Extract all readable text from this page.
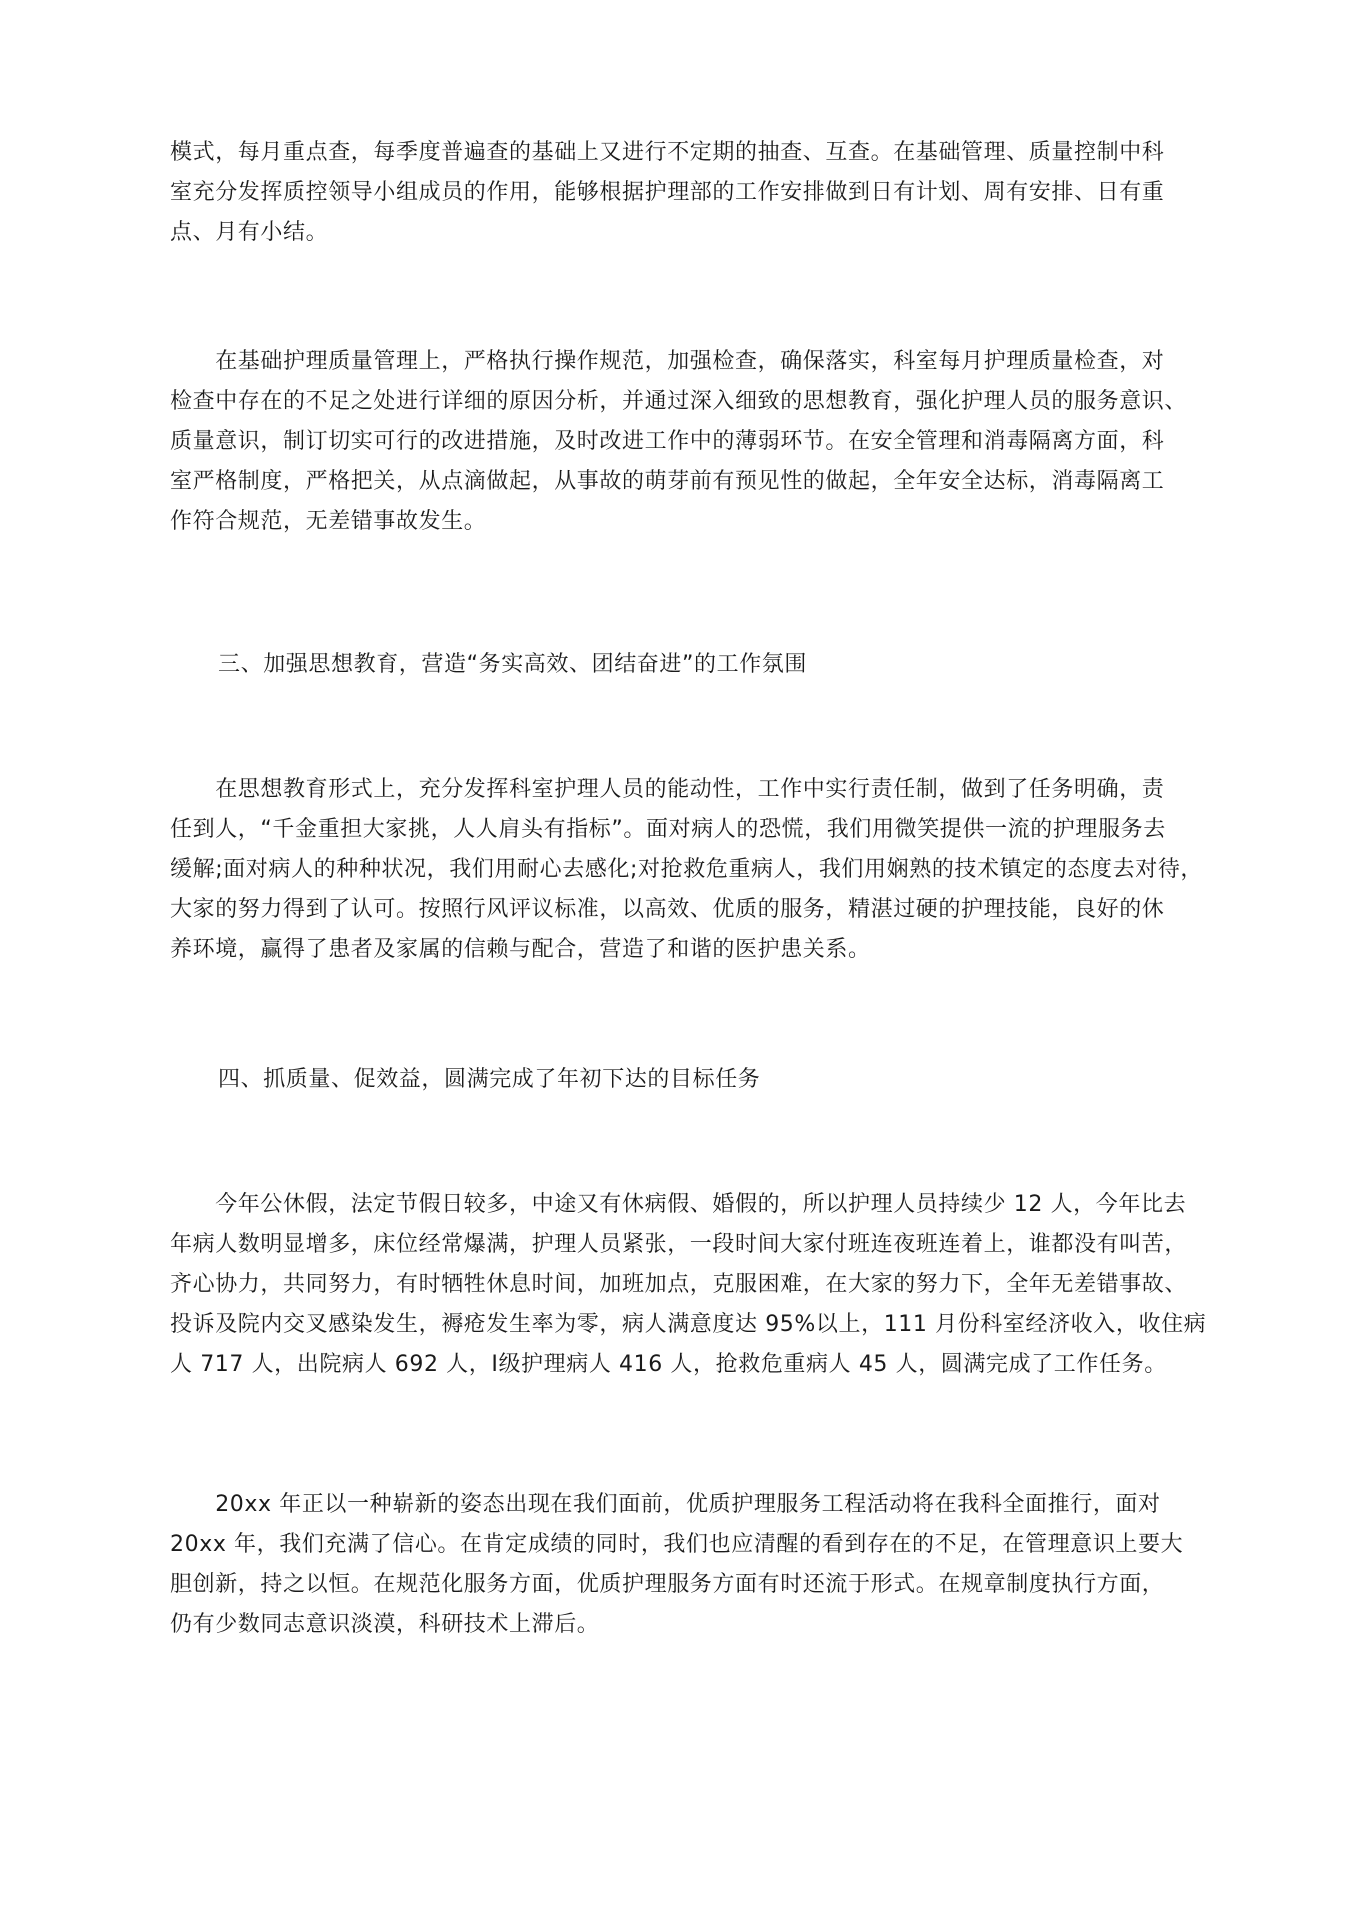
模式，每月重点查，每季度普遍查的基础上又进行不定期的抽查、互查。在基础管理、质量控制中科
室充分发挥质控领导小组成员的作用，能够根据护理部的工作安排做到日有计划、周有安排、日有重
点、月有小结。
　　在基础护理质量管理上，严格执行操作规范，加强检查，确保落实，科室每月护理质量检查，对
检查中存在的不足之处进行详细的原因分析，并通过深入细致的思想教育，强化护理人员的服务意识、
质量意识，制订切实可行的改进措施，及时改进工作中的薄弱环节。在安全管理和消毒隔离方面，科
室严格制度，严格把关，从点滴做起，从事故的萌芽前有预见性的做起，全年安全达标，消毒隔离工
作符合规范，无差错事故发生。
三、加强思想教育，营造“务实高效、团结奋进”的工作氛围
　　在思想教育形式上，充分发挥科室护理人员的能动性，工作中实行责任制，做到了任务明确，责
任到人，“千金重担大家挑，人人肩头有指标”。面对病人的恐慌，我们用微笑提供一流的护理服务去
缓解;面对病人的种种状况，我们用耐心去感化;对抢救危重病人，我们用娴熟的技术镇定的态度去对待，
大家的努力得到了认可。按照行风评议标准，以高效、优质的服务，精湛过硬的护理技能，良好的休
养环境，赢得了患者及家属的信赖与配合，营造了和谐的医护患关系。
四、抓质量、促效益，圆满完成了年初下达的目标任务
　　今年公休假，法定节假日较多，中途又有休病假、婚假的，所以护理人员持续少 12 人，今年比去
年病人数明显增多，床位经常爆满，护理人员紧张，一段时间大家付班连夜班连着上，谁都没有叫苦，
齐心协力，共同努力，有时牺牲休息时间，加班加点，克服困难，在大家的努力下，全年无差错事故、
投诉及院内交叉感染发生，褥疮发生率为零，病人满意度达 95%以上，111 月份科室经济收入，收住病
人 717 人，出院病人 692 人，Ⅰ级护理病人 416 人，抢救危重病人 45 人，圆满完成了工作任务。
　　20xx 年正以一种崭新的姿态出现在我们面前，优质护理服务工程活动将在我科全面推行，面对
20xx 年，我们充满了信心。在肯定成绩的同时，我们也应清醒的看到存在的不足，在管理意识上要大
胆创新，持之以恒。在规范化服务方面，优质护理服务方面有时还流于形式。在规章制度执行方面，
仍有少数同志意识淡漠，科研技术上滞后。
